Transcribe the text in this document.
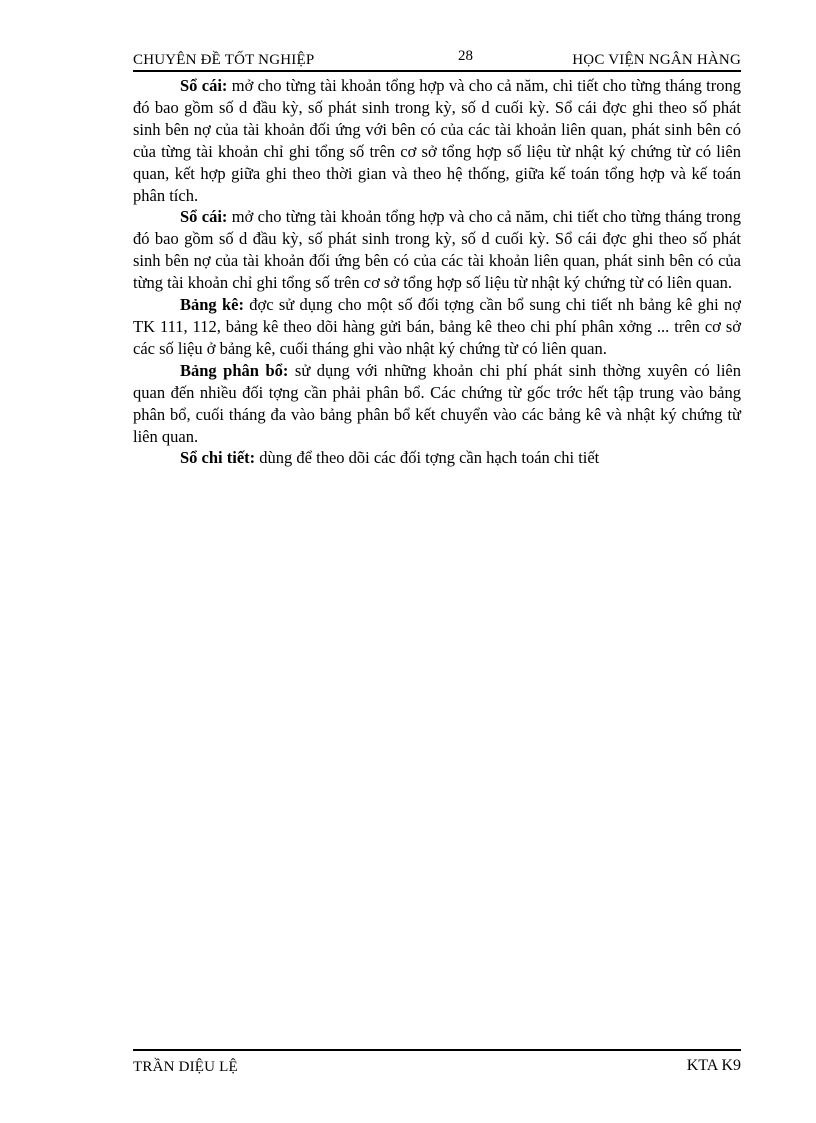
CHUYÊN ĐỀ TỐT NGHIỆP	28	HỌC VIỆN NGÂN HÀNG

Sổ cái: mở cho từng tài khoản tổng hợp và cho cả năm, chi tiết cho từng tháng trong đó bao gồm số d đầu kỳ, số phát sinh trong kỳ, số d cuối kỳ. Sổ cái đợc ghi theo số phát sinh bên nợ của tài khoản đối ứng với bên có của các tài khoản liên quan, phát sinh bên có của từng tài khoản chỉ ghi tổng số trên cơ sở tổng hợp số liệu từ nhật ký chứng từ có liên quan, kết hợp giữa ghi theo thời gian và theo hệ thống, giữa kế toán tổng hợp và kế toán phân tích.

Sổ cái: mở cho từng tài khoản tổng hợp và cho cả năm, chi tiết cho từng tháng trong đó bao gồm số d đầu kỳ, số phát sinh trong kỳ, số d cuối kỳ. Sổ cái đợc ghi theo số phát sinh bên nợ của tài khoản đối ứng bên có của các tài khoản liên quan, phát sinh bên có của từng tài khoản chỉ ghi tổng số trên cơ sở tổng hợp số liệu từ nhật ký chứng từ có liên quan.

Bảng kê: đợc sử dụng cho một số đối tợng cần bổ sung chi tiết nh bảng kê ghi nợ TK 111, 112, bảng kê theo dõi hàng gửi bán, bảng kê theo chi phí phân xởng ... trên cơ sở các số liệu ở bảng kê, cuối tháng ghi vào nhật ký chứng từ có liên quan.

Bảng phân bổ: sử dụng với những khoản chi phí phát sinh thờng xuyên có liên quan đến nhiều đối tợng cần phải phân bổ. Các chứng từ gốc trớc hết tập trung vào bảng phân bổ, cuối tháng đa vào bảng phân bổ kết chuyển vào các bảng kê và nhật ký chứng từ liên quan.

Sổ chi tiết: dùng để theo dõi các đối tợng cần hạch toán chi tiết

TRẦN DIỆU LỆ	KTA K9
